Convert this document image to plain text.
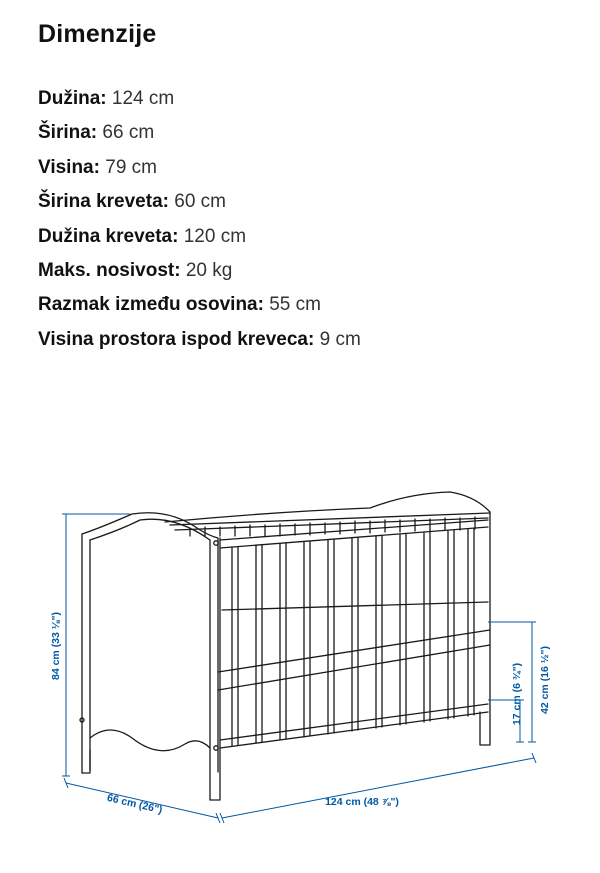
Dimenzije
Dužina: 124 cm
Širina: 66 cm
Visina: 79 cm
Širina kreveta: 60 cm
Dužina kreveta: 120 cm
Maks. nosivost: 20 kg
Razmak između osovina: 55 cm
Visina prostora ispod kreveca: 9 cm
84 cm (33 ⅛")
66 cm (26")	124 cm (48 ⅞")
17 cm (6 ¾") 42 cm (16 ½")
